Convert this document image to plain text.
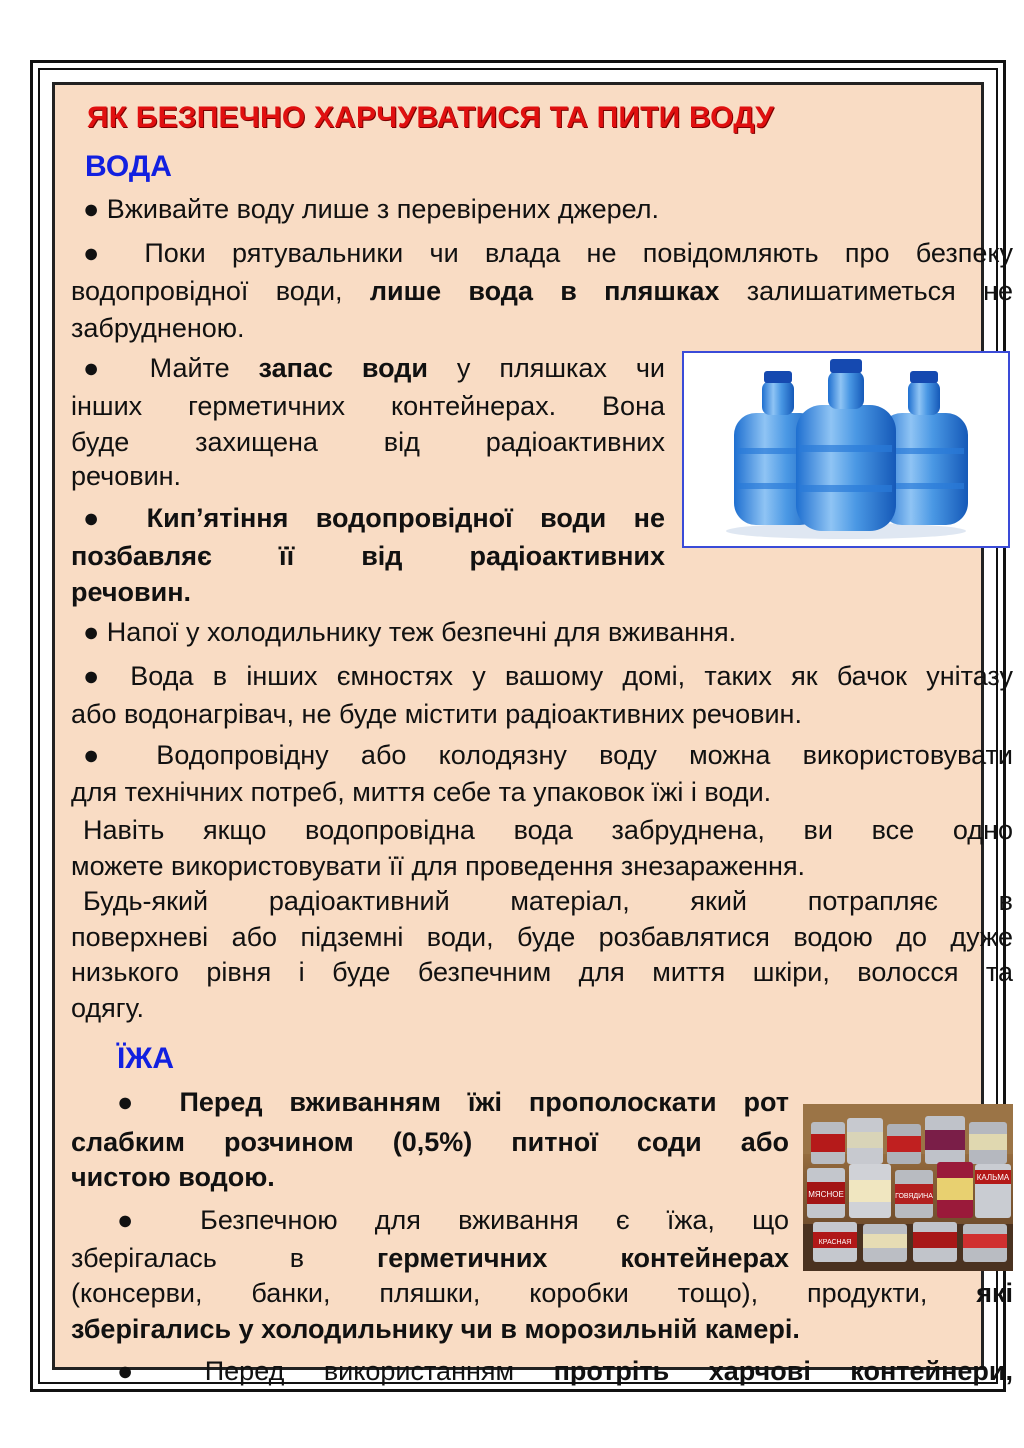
ЯК БЕЗПЕЧНО ХАРЧУВАТИСЯ ТА ПИТИ ВОДУ
ВОДА
● Вживайте воду лише з перевірених джерел.
● Поки рятувальники чи влада не повідомляють про безпеку
водопровідної води, лише вода в пляшках залишатиметься не
забрудненою.
● Майте запас води у пляшках чи
інших герметичних контейнерах. Вона
буде захищена від радіоактивних
речовин.
● Кип’ятіння водопровідної води не
позбавляє її від радіоактивних
речовин.
● Напої у холодильнику теж безпечні для вживання.
● Вода в інших ємностях у вашому домі, таких як бачок унітазу
або водонагрівач, не буде містити радіоактивних речовин.
● Водопровідну або колодязну воду можна використовувати
для технічних потреб, миття себе та упаковок їжі і води.
Навіть якщо водопровідна вода забруднена, ви все одно
можете використовувати її для проведення знезараження.
Будь-який радіоактивний матеріал, який потрапляє в
поверхневі або підземні води, буде розбавлятися водою до дуже
низького рівня і буде безпечним для миття шкіри, волосся та
одягу.
ЇЖА
● Перед вживанням їжі прополоскати рот
слабким розчином (0,5%) питної соди або
чистою водою.
МЯСНОЕ	ГОВЯДИНА
КАЛЬМА
КРАСНАЯ
● Безпечною для вживання є їжа, що
зберігалась в герметичних контейнерах
(консерви, банки, пляшки, коробки тощо), продукти, які
зберігались у холодильнику чи в морозильній камері.
● Перед використанням протріть харчові контейнери,
